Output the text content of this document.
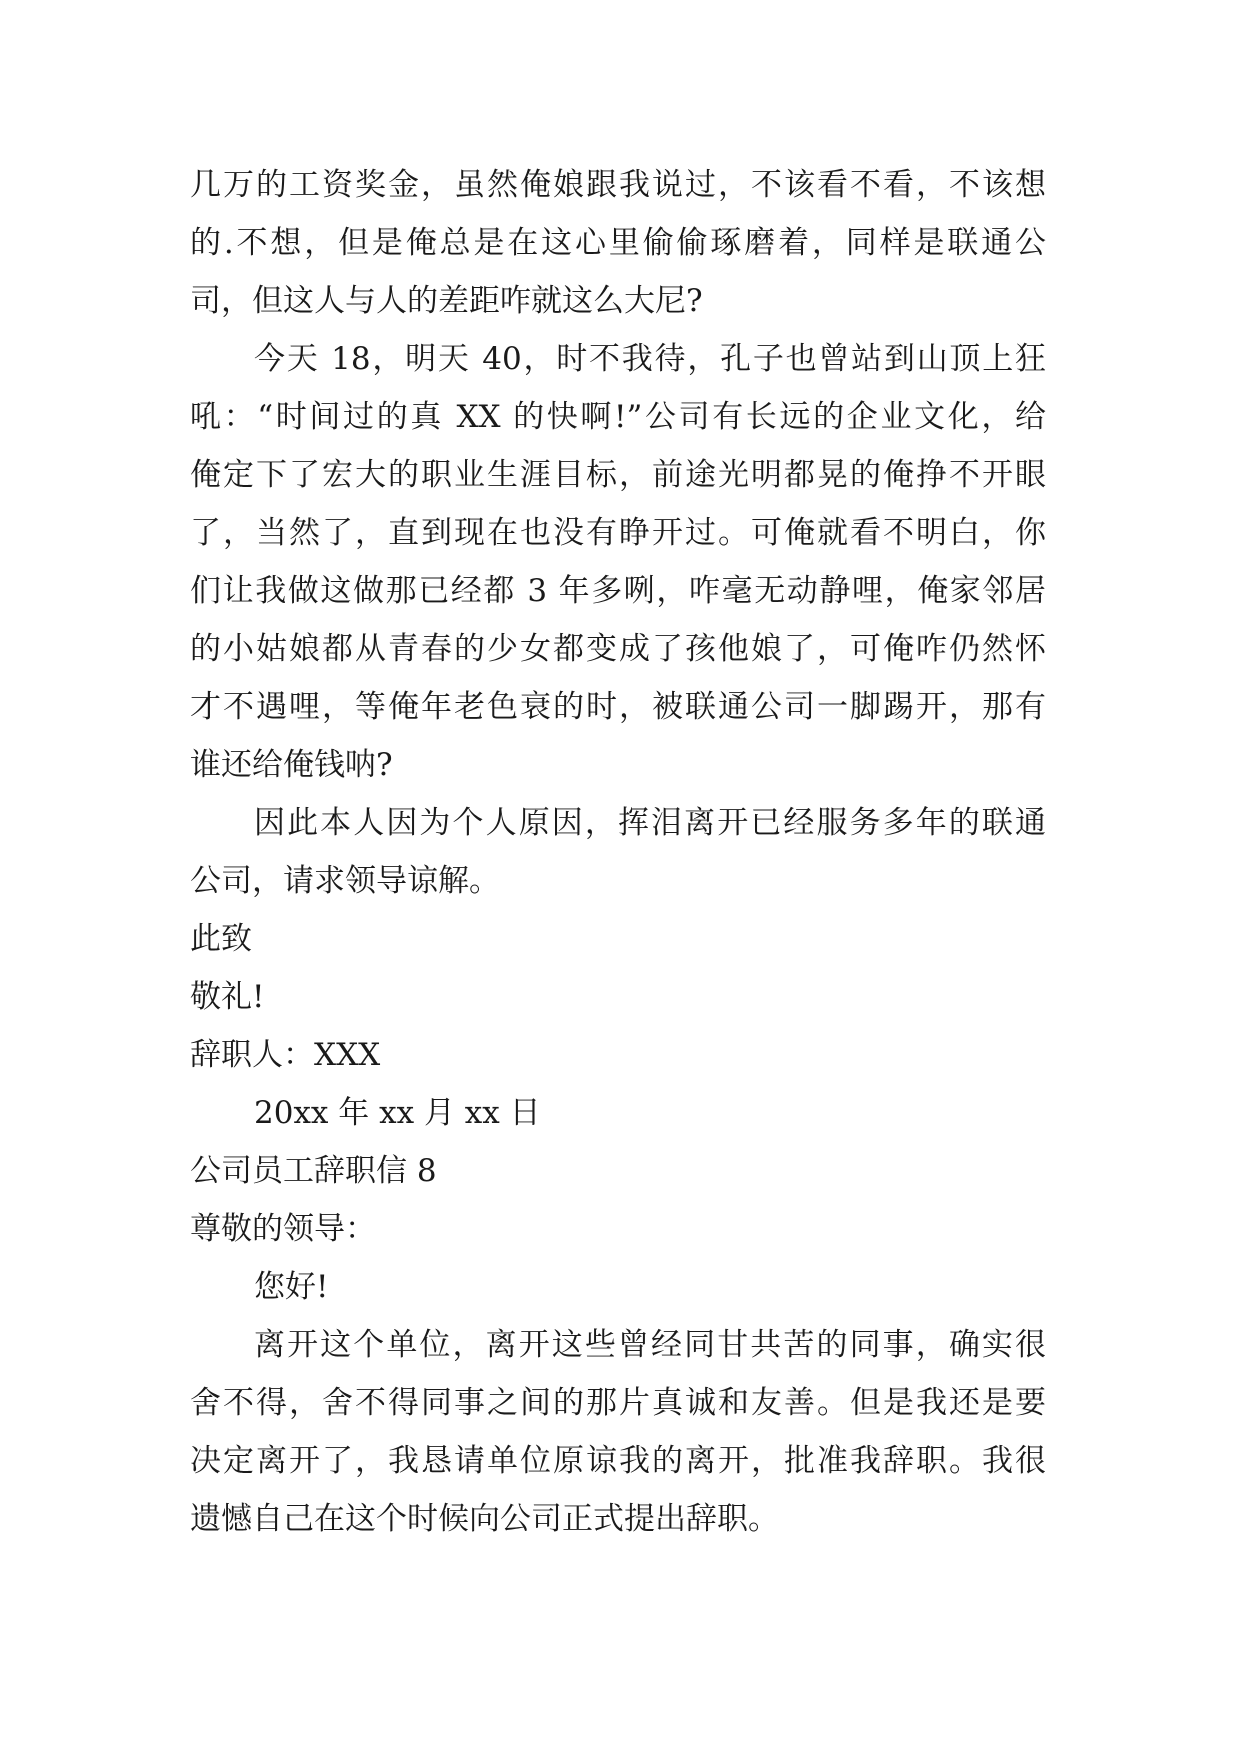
几万的工资奖金，虽然俺娘跟我说过，不该看不看，不该想
的.不想，但是俺总是在这心里偷偷琢磨着，同样是联通公
司，但这人与人的差距咋就这么大尼?
今天 18，明天 40，时不我待，孔子也曾站到山顶上狂
吼：“时间过的真 XX 的快啊!”公司有长远的企业文化，给
俺定下了宏大的职业生涯目标，前途光明都晃的俺挣不开眼
了，当然了，直到现在也没有睁开过。可俺就看不明白，你
们让我做这做那已经都 3 年多咧，咋毫无动静哩，俺家邻居
的小姑娘都从青春的少女都变成了孩他娘了，可俺咋仍然怀
才不遇哩，等俺年老色衰的时，被联通公司一脚踢开，那有
谁还给俺钱呐?
因此本人因为个人原因，挥泪离开已经服务多年的联通
公司，请求领导谅解。
此致
敬礼!
辞职人：XXX
20xx 年 xx 月 xx 日
公司员工辞职信 8
尊敬的领导：
您好!
离开这个单位，离开这些曾经同甘共苦的同事，确实很
舍不得，舍不得同事之间的那片真诚和友善。但是我还是要
决定离开了，我恳请单位原谅我的离开，批准我辞职。我很
遗憾自己在这个时候向公司正式提出辞职。
